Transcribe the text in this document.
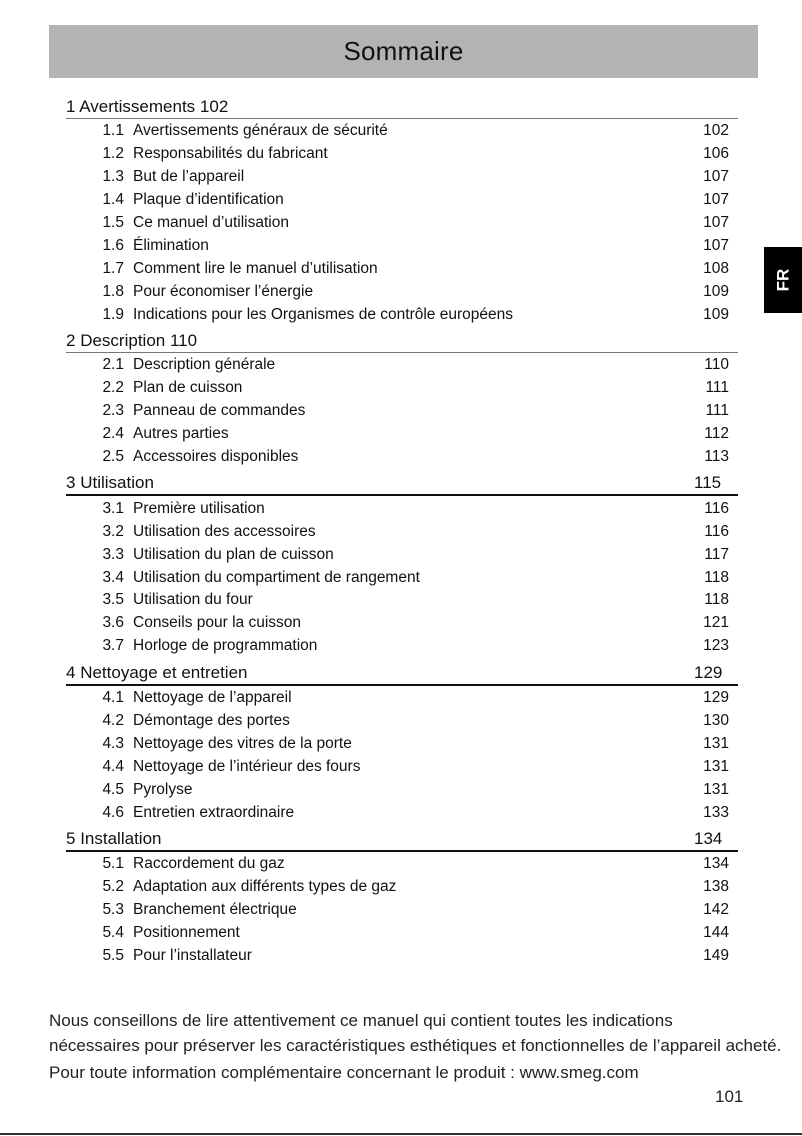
Sommaire
FR
1 Avertissements 102
1.1 Avertissements généraux de sécurité	102
1.2 Responsabilités du fabricant	106
1.3 But de l’appareil	107
1.4 Plaque d’identification	107
1.5 Ce manuel d’utilisation	107
1.6 Élimination	107
1.7 Comment lire le manuel d’utilisation	108
1.8 Pour économiser l’énergie	109
1.9 Indications pour les Organismes de contrôle européens	109
2 Description 110
2.1 Description générale	110
2.2 Plan de cuisson	111
2.3 Panneau de commandes	111
2.4 Autres parties	112
2.5 Accessoires disponibles	113
3 Utilisation	115
3.1 Première utilisation	116
3.2 Utilisation des accessoires	116
3.3 Utilisation du plan de cuisson	117
3.4 Utilisation du compartiment de rangement	118
3.5 Utilisation du four	118
3.6 Conseils pour la cuisson	121
3.7 Horloge de programmation	123
4 Nettoyage et entretien	129
4.1 Nettoyage de l’appareil	129
4.2 Démontage des portes	130
4.3 Nettoyage des vitres de la porte	131
4.4 Nettoyage de l’intérieur des fours	131
4.5 Pyrolyse	131
4.6 Entretien extraordinaire	133
5 Installation	134
5.1 Raccordement du gaz	134
5.2 Adaptation aux différents types de gaz	138
5.3 Branchement électrique	142
5.4 Positionnement	144
5.5 Pour l’installateur	149

Nous conseillons de lire attentivement ce manuel qui contient toutes les indications

nécessaires pour préserver les caractéristiques esthétiques et fonctionnelles de l’appareil acheté.

Pour toute information complémentaire concernant le produit : www.smeg.com

101
